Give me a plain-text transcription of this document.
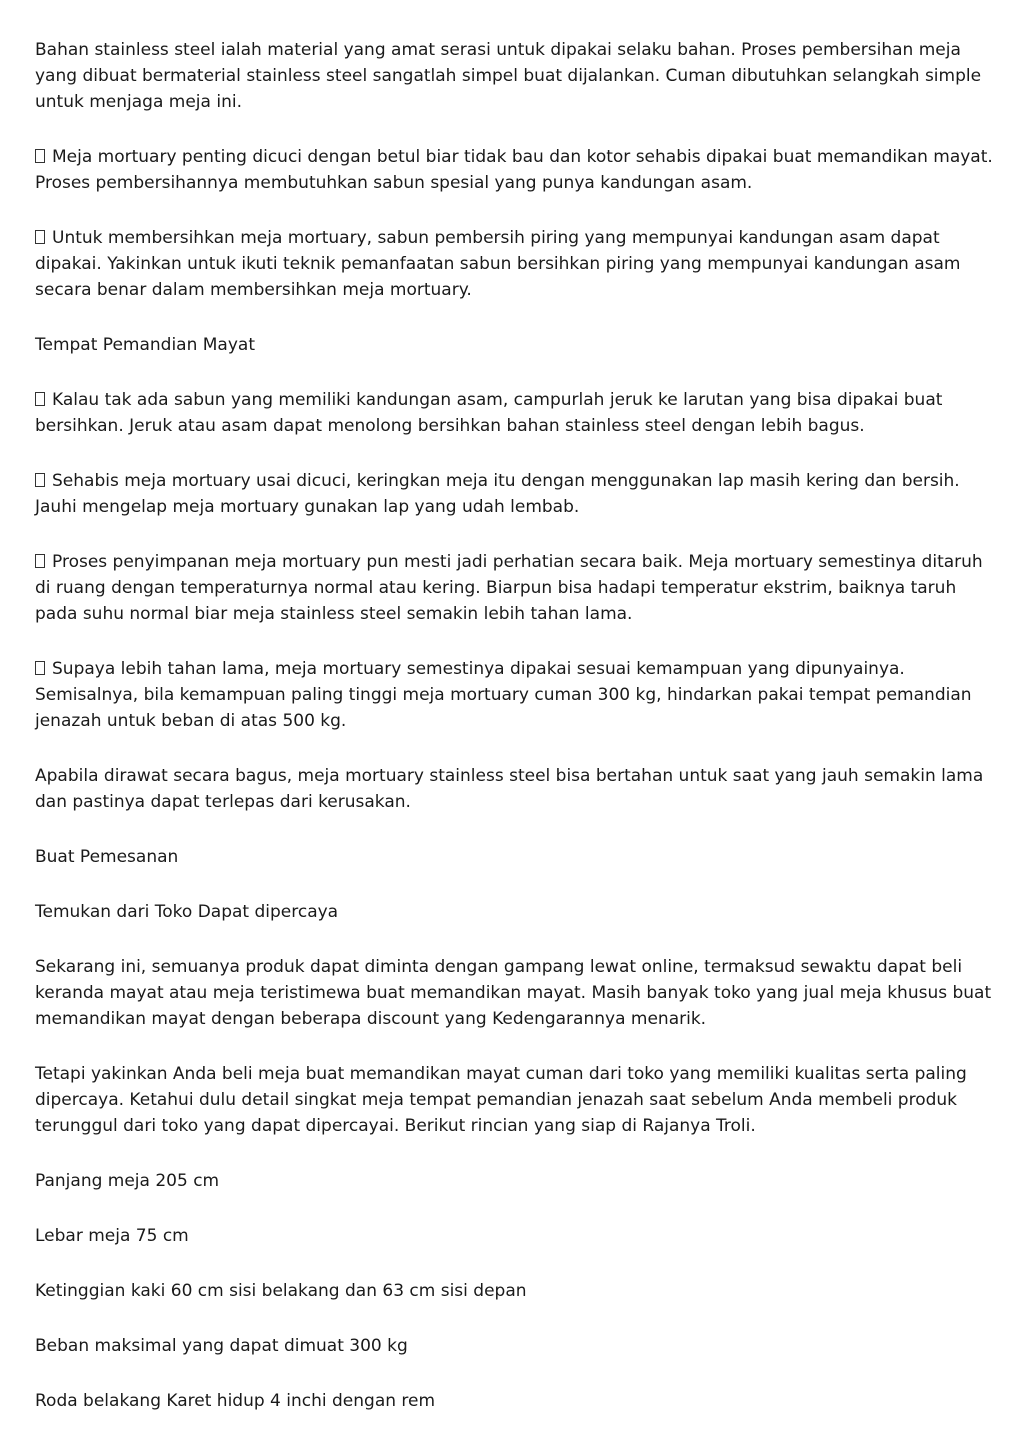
Bahan stainless steel ialah material yang amat serasi untuk dipakai selaku bahan. Proses pembersihan meja yang dibuat bermaterial stainless steel sangatlah simpel buat dijalankan. Cuman dibutuhkan selangkah simple untuk menjaga meja ini.

Meja mortuary penting dicuci dengan betul biar tidak bau dan kotor sehabis dipakai buat memandikan mayat. Proses pembersihannya membutuhkan sabun spesial yang punya kandungan asam.

Untuk membersihkan meja mortuary, sabun pembersih piring yang mempunyai kandungan asam dapat dipakai. Yakinkan untuk ikuti teknik pemanfaatan sabun bersihkan piring yang mempunyai kandungan asam secara benar dalam membersihkan meja mortuary.

Tempat Pemandian Mayat

Kalau tak ada sabun yang memiliki kandungan asam, campurlah jeruk ke larutan yang bisa dipakai buat bersihkan. Jeruk atau asam dapat menolong bersihkan bahan stainless steel dengan lebih bagus.

Sehabis meja mortuary usai dicuci, keringkan meja itu dengan menggunakan lap masih kering dan bersih. Jauhi mengelap meja mortuary gunakan lap yang udah lembab.

Proses penyimpanan meja mortuary pun mesti jadi perhatian secara baik. Meja mortuary semestinya ditaruh di ruang dengan temperaturnya normal atau kering. Biarpun bisa hadapi temperatur ekstrim, baiknya taruh pada suhu normal biar meja stainless steel semakin lebih tahan lama.

Supaya lebih tahan lama, meja mortuary semestinya dipakai sesuai kemampuan yang dipunyainya. Semisalnya, bila kemampuan paling tinggi meja mortuary cuman 300 kg, hindarkan pakai tempat pemandian jenazah untuk beban di atas 500 kg.

Apabila dirawat secara bagus, meja mortuary stainless steel bisa bertahan untuk saat yang jauh semakin lama dan pastinya dapat terlepas dari kerusakan.

Buat Pemesanan

Temukan dari Toko Dapat dipercaya

Sekarang ini, semuanya produk dapat diminta dengan gampang lewat online, termaksud sewaktu dapat beli keranda mayat atau meja teristimewa buat memandikan mayat. Masih banyak toko yang jual meja khusus buat memandikan mayat dengan beberapa discount yang Kedengarannya menarik.

Tetapi yakinkan Anda beli meja buat memandikan mayat cuman dari toko yang memiliki kualitas serta paling dipercaya. Ketahui dulu detail singkat meja tempat pemandian jenazah saat sebelum Anda membeli produk terunggul dari toko yang dapat dipercayai. Berikut rincian yang siap di Rajanya Troli.

Panjang meja 205 cm

Lebar meja 75 cm

Ketinggian kaki 60 cm sisi belakang dan 63 cm sisi depan

Beban maksimal yang dapat dimuat 300 kg

Roda belakang Karet hidup 4 inchi dengan rem
